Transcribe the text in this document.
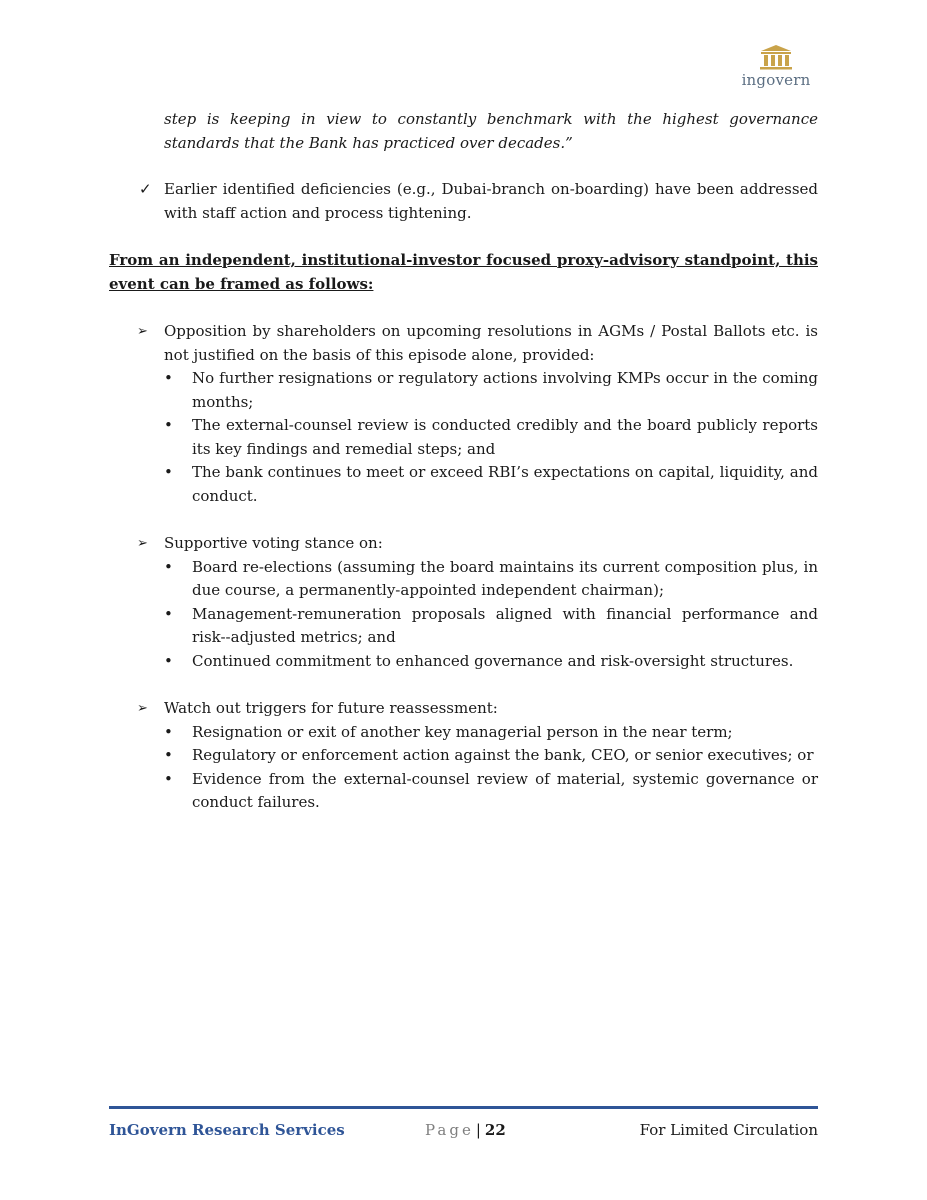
ingovern
step is keeping in view to constantly benchmark with the highest governance standards that the Bank has practiced over decades.”
✓ Earlier identified deficiencies (e.g., Dubai-branch on-boarding) have been addressed with staff action and process tightening.
From an independent, institutional-investor focused proxy-advisory standpoint, this event can be framed as follows:
➢ Opposition by shareholders on upcoming resolutions in AGMs / Postal Ballots etc. is not justified on the basis of this episode alone, provided:
• No further resignations or regulatory actions involving KMPs occur in the coming months;
• The external-counsel review is conducted credibly and the board publicly reports its key findings and remedial steps; and
• The bank continues to meet or exceed RBI’s expectations on capital, liquidity, and conduct.
➢ Supportive voting stance on:
• Board re-elections (assuming the board maintains its current composition plus, in due course, a permanently-appointed independent chairman);
• Management-remuneration proposals aligned with financial performance and risk--adjusted metrics; and
• Continued commitment to enhanced governance and risk-oversight structures.
➢ Watch out triggers for future reassessment:
• Resignation or exit of another key managerial person in the near term;
• Regulatory or enforcement action against the bank, CEO, or senior executives; or
• Evidence from the external-counsel review of material, systemic governance or conduct failures.
InGovern Research Services	Page | 22	For Limited Circulation
